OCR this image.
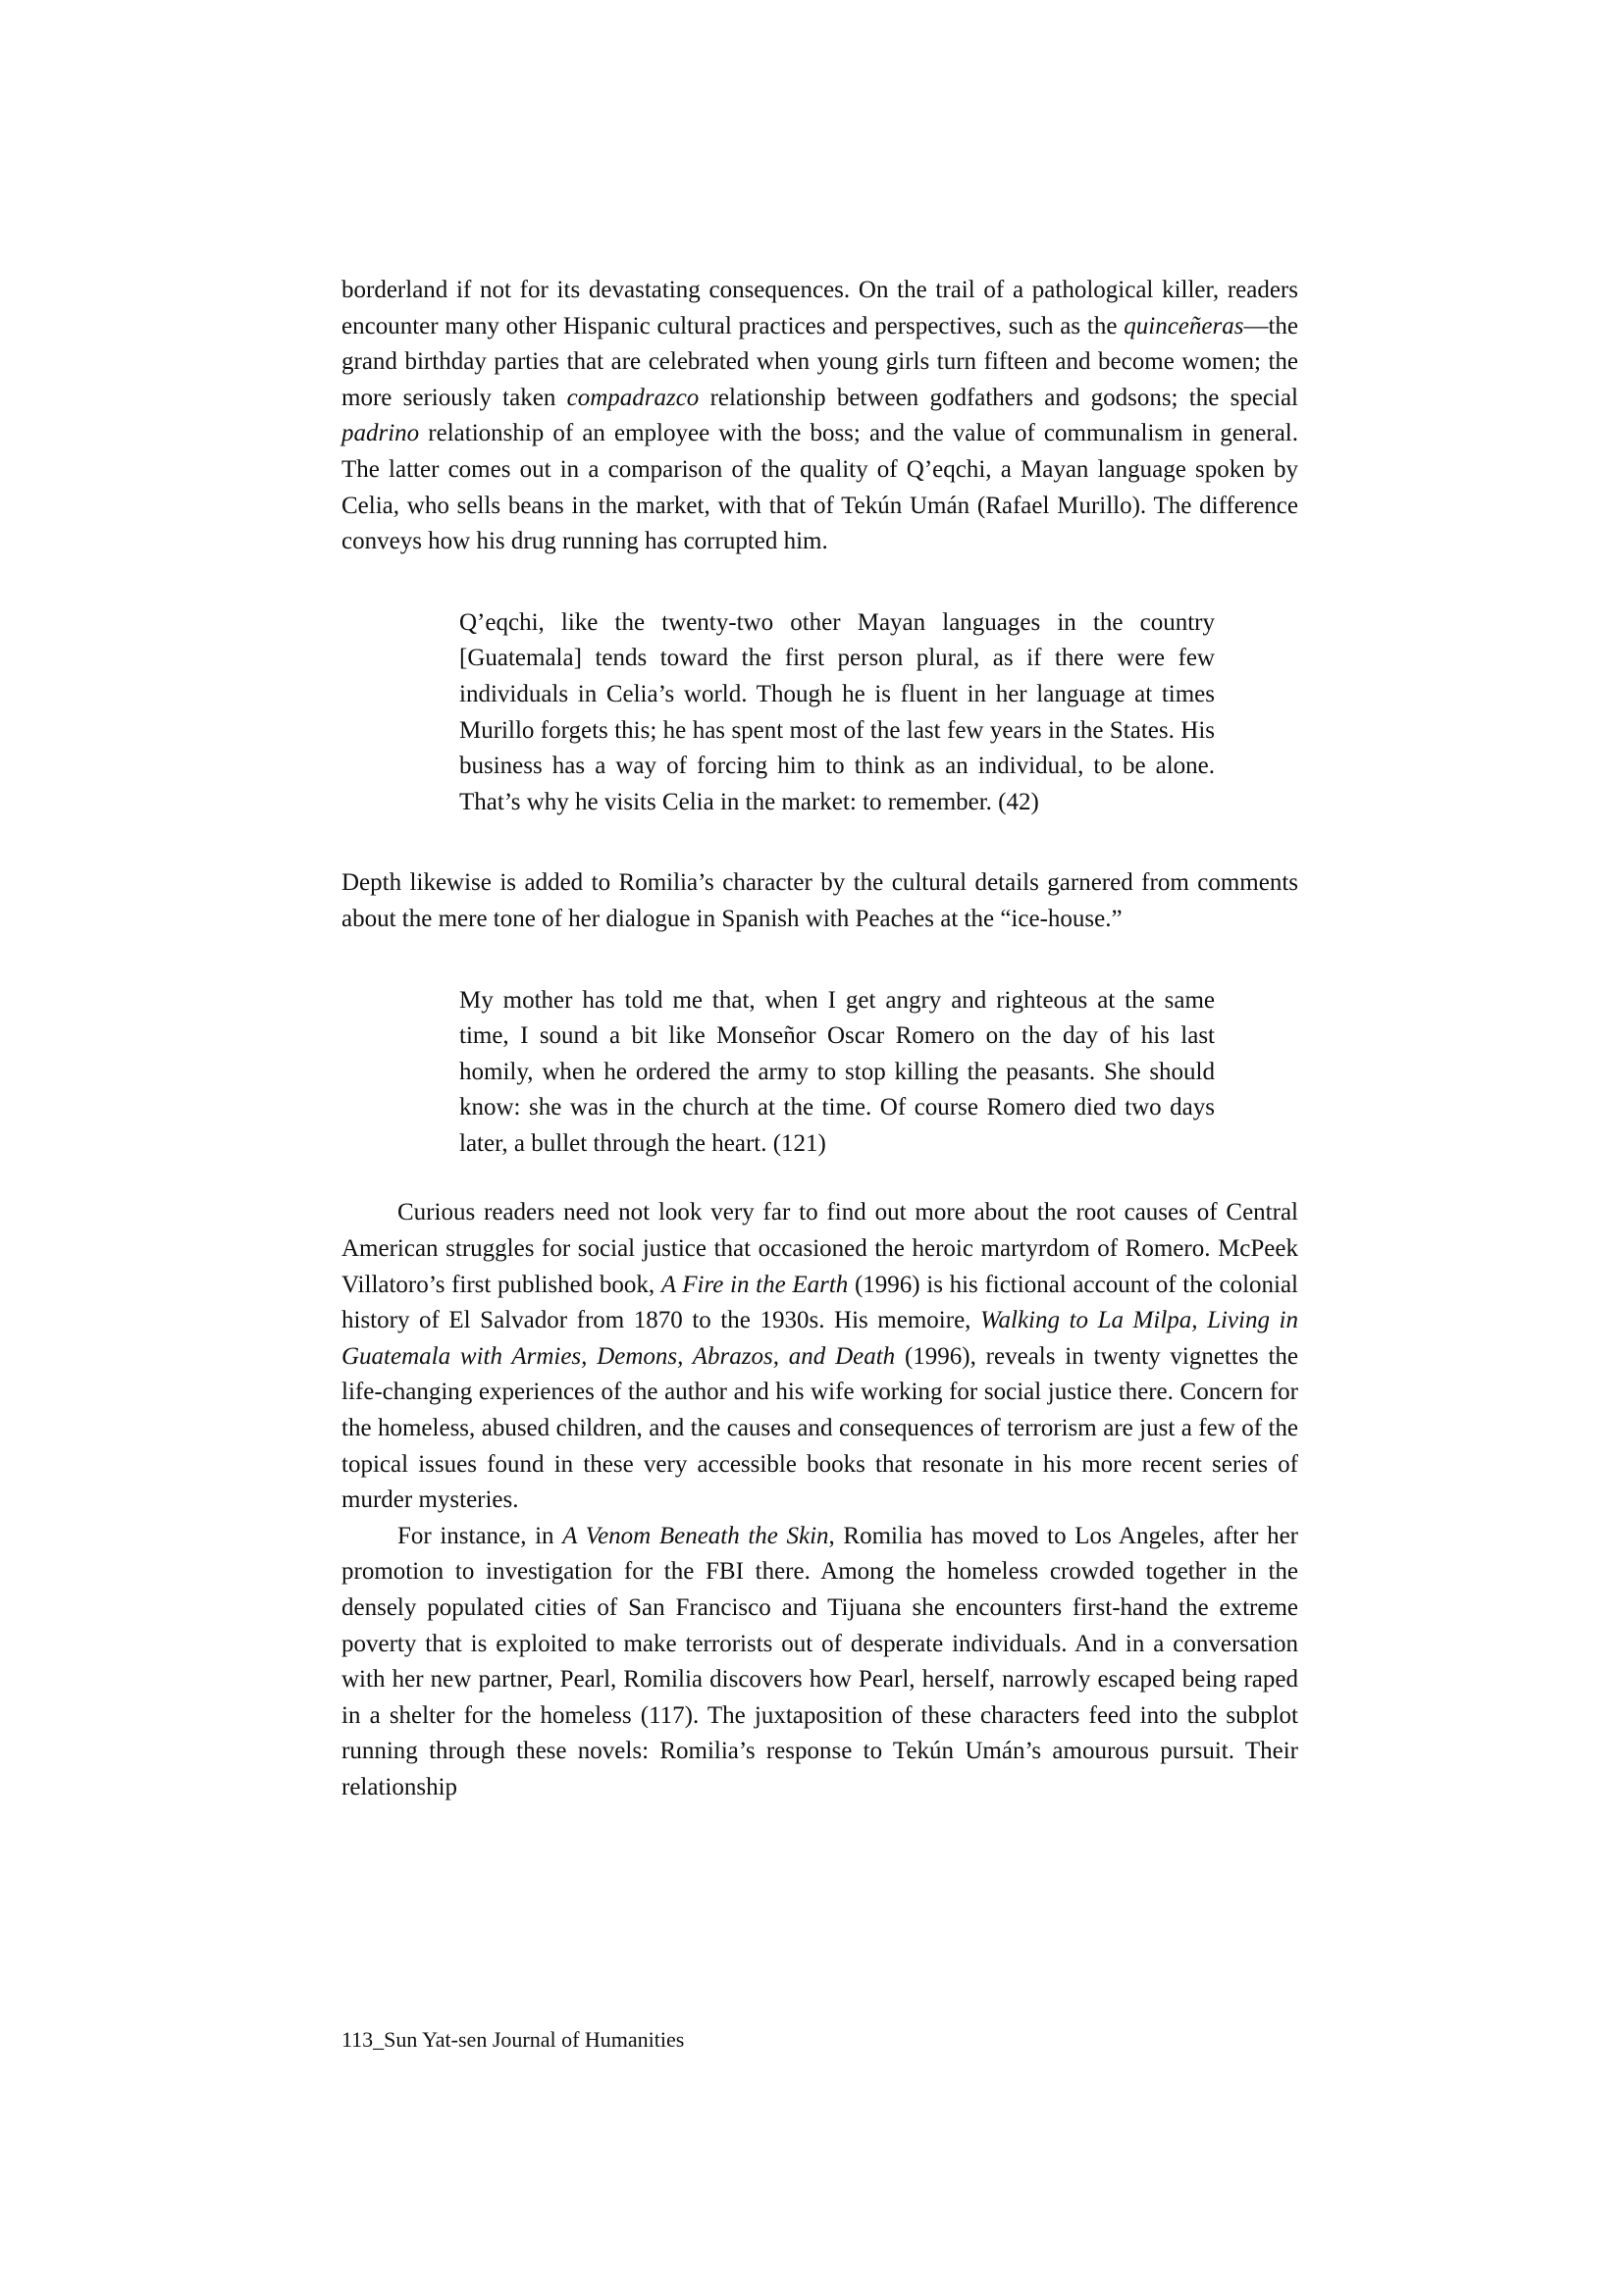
borderland if not for its devastating consequences. On the trail of a pathological killer, readers encounter many other Hispanic cultural practices and perspectives, such as the quinceñeras—the grand birthday parties that are celebrated when young girls turn fifteen and become women; the more seriously taken compadrazco relationship between godfathers and godsons; the special padrino relationship of an employee with the boss; and the value of communalism in general. The latter comes out in a comparison of the quality of Q’eqchi, a Mayan language spoken by Celia, who sells beans in the market, with that of Tekún Umán (Rafael Murillo). The difference conveys how his drug running has corrupted him.

Q’eqchi, like the twenty-two other Mayan languages in the country [Guatemala] tends toward the first person plural, as if there were few individuals in Celia’s world. Though he is fluent in her language at times Murillo forgets this; he has spent most of the last few years in the States. His business has a way of forcing him to think as an individual, to be alone. That’s why he visits Celia in the market: to remember. (42)

Depth likewise is added to Romilia’s character by the cultural details garnered from comments about the mere tone of her dialogue in Spanish with Peaches at the “ice-house.”

My mother has told me that, when I get angry and righteous at the same time, I sound a bit like Monseñor Oscar Romero on the day of his last homily, when he ordered the army to stop killing the peasants. She should know: she was in the church at the time. Of course Romero died two days later, a bullet through the heart. (121)

Curious readers need not look very far to find out more about the root causes of Central American struggles for social justice that occasioned the heroic martyrdom of Romero. McPeek Villatoro’s first published book, A Fire in the Earth (1996) is his fictional account of the colonial history of El Salvador from 1870 to the 1930s. His memoire, Walking to La Milpa, Living in Guatemala with Armies, Demons, Abrazos, and Death (1996), reveals in twenty vignettes the life-changing experiences of the author and his wife working for social justice there. Concern for the homeless, abused children, and the causes and consequences of terrorism are just a few of the topical issues found in these very accessible books that resonate in his more recent series of murder mysteries.

For instance, in A Venom Beneath the Skin, Romilia has moved to Los Angeles, after her promotion to investigation for the FBI there. Among the homeless crowded together in the densely populated cities of San Francisco and Tijuana she encounters first-hand the extreme poverty that is exploited to make terrorists out of desperate individuals. And in a conversation with her new partner, Pearl, Romilia discovers how Pearl, herself, narrowly escaped being raped in a shelter for the homeless (117). The juxtaposition of these characters feed into the subplot running through these novels: Romilia’s response to Tekún Umán’s amourous pursuit. Their relationship

113_Sun Yat-sen Journal of Humanities
